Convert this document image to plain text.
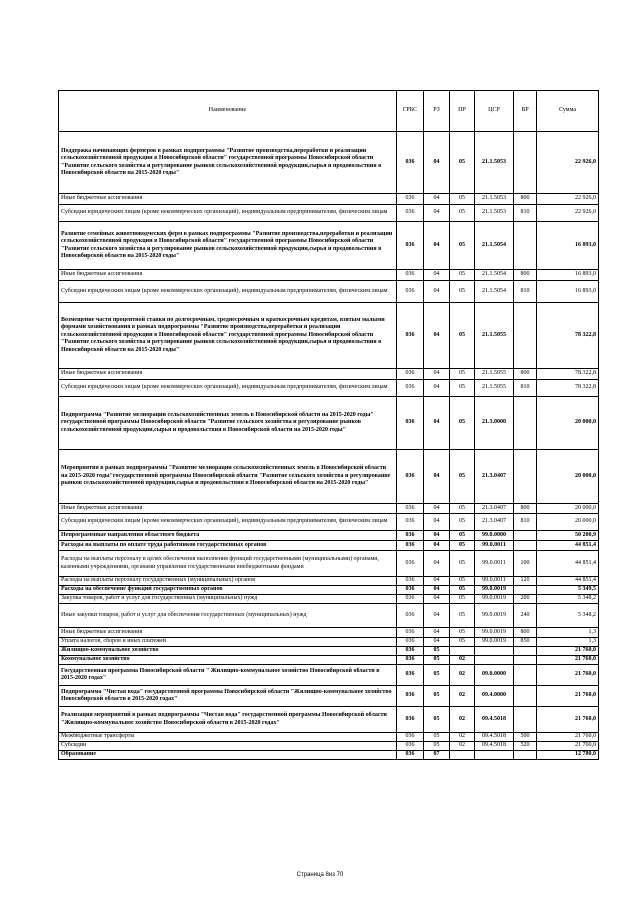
Наименование	ГРБС	РЗ	ПР	ЦСР	ВР	Сумма
Поддержка начинающих фермеров в рамках подпрограммы "Развитие производства,переработки и реализации сельскохозяйственной продукции в Новосибирской области" государственной программы Новосибирской области "Развитие сельского хозяйства и регулирование рынков сельскохозяйственной продукции,сырья и продовольствия в Новосибирской области на 2015-2020 годы"	036	04	05	21.1.5053		22 926,0
Иные бюджетные ассигнования	036	04	05	21.1.5053	800	22 926,0
Субсидии юридическим лицам (кроме некоммерческих организаций), индивидуальным предпринимателям, физическим лицам	036	04	05	21.1.5053	810	22 926,0
Развитие семейных животноводческих ферм в рамках подпрограммы "Развитие производства,переработки и реализации сельскохозяйственной продукции в Новосибирской области" государственной программы Новосибирской области "Развитие сельского хозяйства и регулирование рынков сельскохозяйственной продукции,сырья и продовольствия в Новосибирской области на 2015-2020 годы"	036	04	05	21.1.5054		16 893,0
Иные бюджетные ассигнования	036	04	05	21.1.5054	800	16 893,0
Субсидии юридическим лицам (кроме некоммерческих организаций), индивидуальным предпринимателям, физическим лицам	036	04	05	21.1.5054	810	16 893,0
Возмещение части процентной ставки по долгосрочным, среднесрочным и краткосрочным кредитам, взятым малыми формами хозяйствования в рамках подпрограммы "Развитие производства,переработки и реализации сельскохозяйственной продукции в Новосибирской области" государственной программы Новосибирской области "Развитие сельского хозяйства и регулирование рынков сельскохозяйственной продукции,сырья и продовольствия в Новосибирской области на 2015-2020 годы"	036	04	05	21.1.5055		78 322,8
Иные бюджетные ассигнования	036	04	05	21.1.5055	800	78 322,8
Субсидии юридическим лицам (кроме некоммерческих организаций), индивидуальным предпринимателям, физическим лицам	036	04	05	21.1.5055	810	78 322,8
Подпрограмма "Развитие мелиорации сельскохозяйственных земель в Новосибирской области на 2015-2020 годы" государственной программы Новосибирской области "Развитие сельского хозяйства и регулирование рынков сельскохозяйственной продукции,сырья и продовольствия в Новосибирской области на 2015-2020 годы"	036	04	05	21.3.0000		20 000,0
Мероприятия в рамках подпрограммы "Развитие мелиорации сельскохозяйственных земель в Новосибирской области на 2015-2020 годы"государственной программы Новосибирской области "Развитие сельского хозяйства и регулирование рынков сельскохозяйственной продукции,сырья и продовольствия в Новосибирской области на 2015-2020 годы"	036	04	05	21.3.0407		20 000,0
Иные бюджетные ассигнования	036	04	05	21.3.0407	800	20 000,0
Субсидии юридическим лицам (кроме некоммерческих организаций), индивидуальным предпринимателям, физическим лицам	036	04	05	21.3.0407	810	20 000,0
Непрограммные направления областного бюджета	036	04	05	99.0.0000		50 200,9
Расходы на выплаты по оплате труда работников государственных органов	036	04	05	99.0.0011		44 851,4
Расходы на выплаты персоналу в целях обеспечения выполнения функций государственными (муниципальными) органами, казенными учреждениями, органами управления государственными внебюджетными фондами	036	04	05	99.0.0011	100	44 851,4
Расходы на выплаты персоналу государственных (муниципальных) органов	036	04	05	99.0.0011	120	44 851,4
Расходы на обеспечение функций государственных органов	036	04	05	99.0.0019		5 349,5
Закупка товаров, работ и услуг для государственных (муниципальных) нужд	036	04	05	99.0.0019	200	5 348,2
Иные закупки товаров, работ и услуг для обеспечения государственных (муниципальных) нужд	036	04	05	99.0.0019	240	5 348,2
Иные бюджетные ассигнования	036	04	05	99.0.0019	800	1,3
Уплата налогов, сборов и иных платежей	036	04	05	99.0.0019	850	1,3
Жилищно-коммунальное хозяйство	036	05				21 760,0
Коммунальное хозяйство	036	05	02			21 760,0
Государственная программа Новосибирской области " Жилищно-коммунальное хозяйство Новосибирской области в 2015-2020 годах"	036	05	02	09.0.0000		21 760,0
Подпрограмма "Чистая вода" государственной программы Новосибирской области "Жилищно-коммунальное хозяйство Новосибирской области в 2015-2020 годах"	036	05	02	09.4.0000		21 760,0
Реализация мероприятий в рамках подпрограммы "Чистая вода" государственной программы Новосибирской области "Жилищно-коммунальное хозяйство Новосибирской области в 2015-2020 годах"	036	05	02	09.4.5018		21 760,0
Межбюджетные трансферты	036	05	02	09.4.5018	500	21 760,0
Субсидии	036	05	02	09.4.5018	520	21 760,0
Образование	036	07				12 780,0
Страница 8из 70
